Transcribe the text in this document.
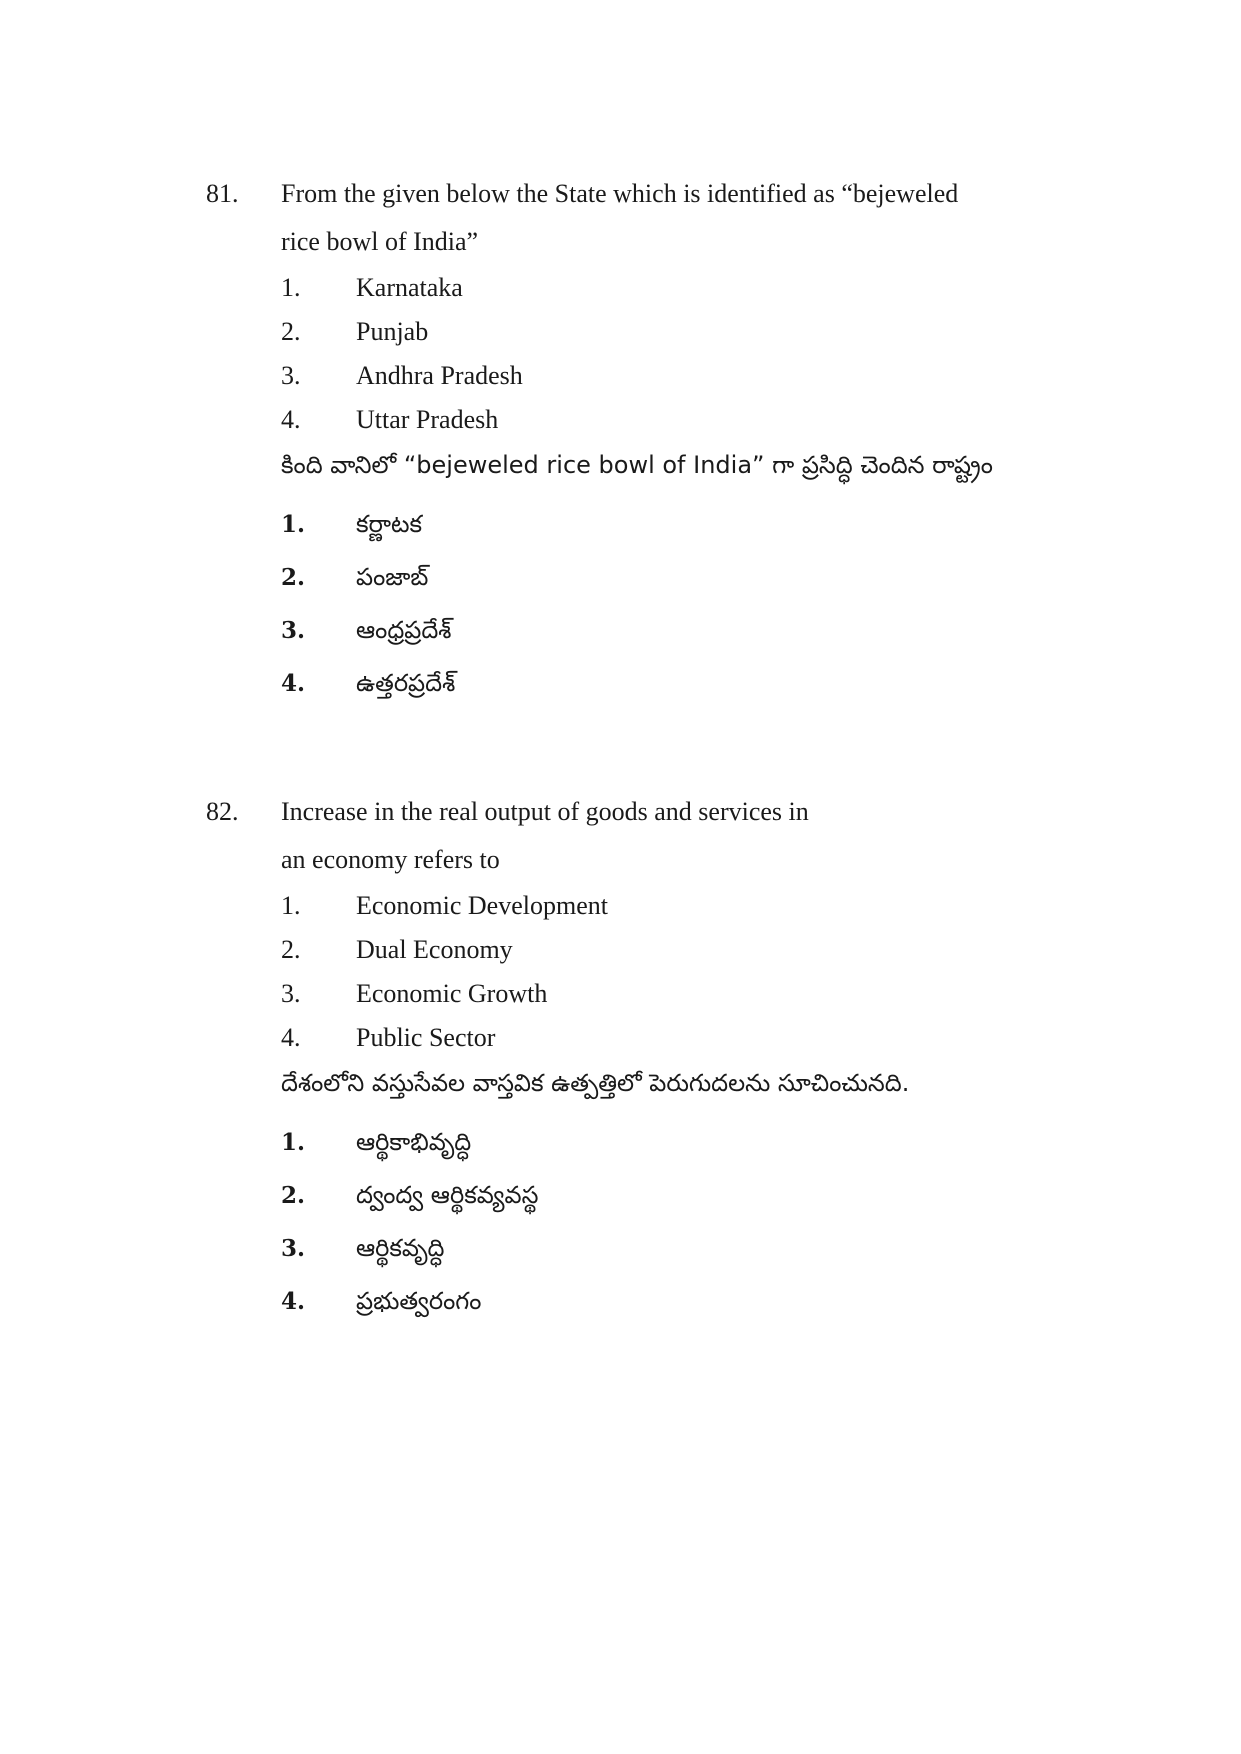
81. From the given below the State which is identified as “bejeweled
rice bowl of India”
1.	Karnataka
2.	Punjab
3.	Andhra Pradesh
4.	Uttar Pradesh
కింది వానిలో “bejeweled rice bowl of India” గా ప్రసిద్ధి చెందిన రాష్ట్రం
1.	కర్ణాటక
2.	పంజాబ్
3.	ఆంధ్రప్రదేశ్
4.	ఉత్తరప్రదేశ్
82. Increase in the real output of goods and services in
an economy refers to
1.	Economic Development
2.	Dual Economy
3.	Economic Growth
4.	Public Sector
దేశంలోని వస్తుసేవల వాస్తవిక ఉత్పత్తిలో పెరుగుదలను సూచించునది.
1.	ఆర్థికాభివృద్ధి
2.	ద్వంద్వ ఆర్థికవ్యవస్థ
3.	ఆర్థికవృద్ధి
4.	ప్రభుత్వరంగం
